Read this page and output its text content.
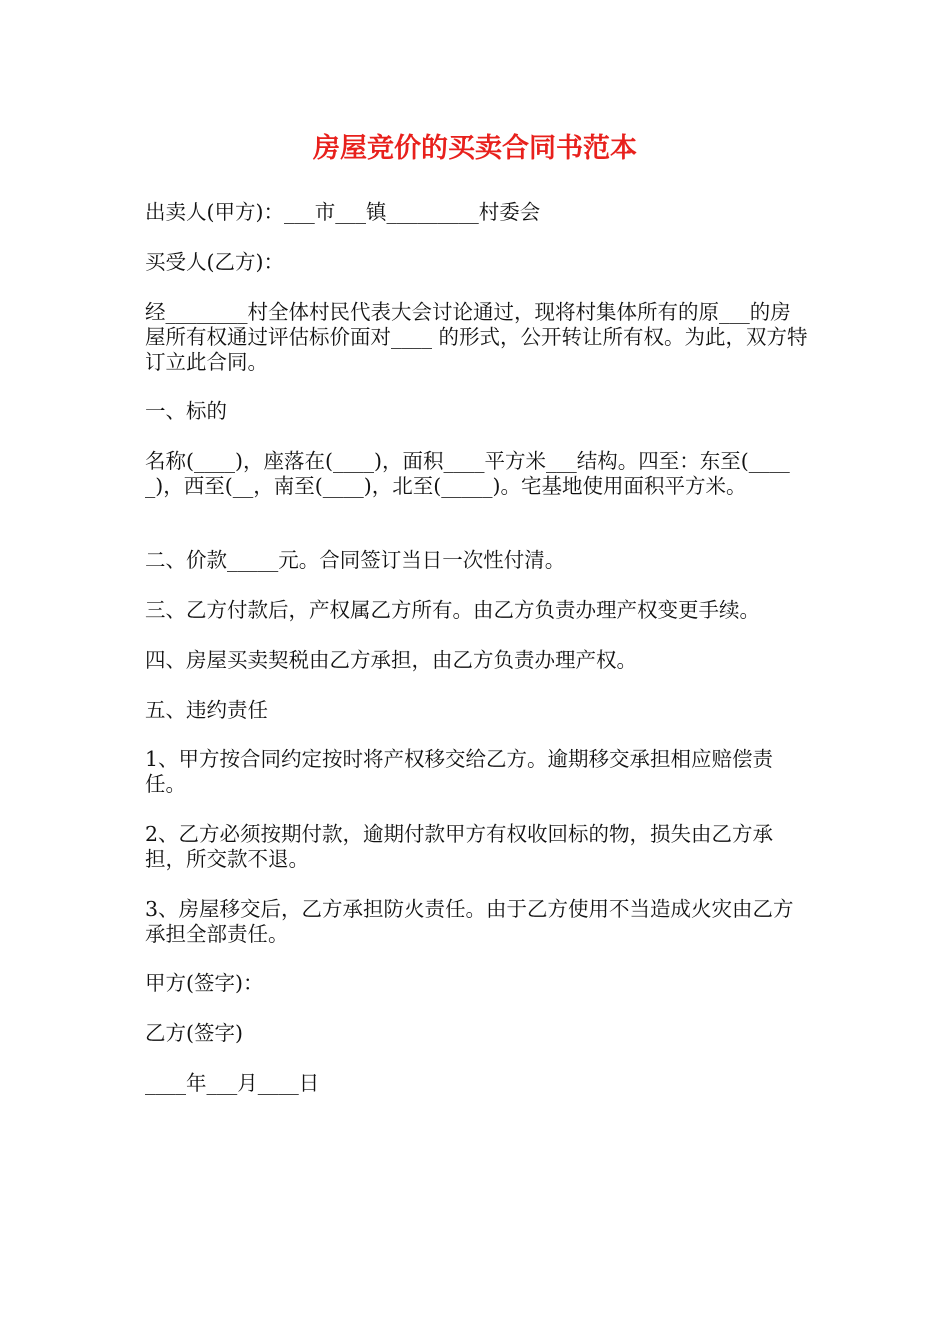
房屋竞价的买卖合同书范本

出卖人(甲方)：___市___镇_________村委会

买受人(乙方)：

经________村全体村民代表大会讨论通过，现将村集体所有的原___的房屋所有权通过评估标价面对____ 的形式，公开转让所有权。为此，双方特订立此合同。

一、标的

名称(____)，座落在(____)，面积____平方米___结构。四至：东至(_____)，西至(__，南至(____)，北至(_____)。宅基地使用面积平方米。

二、价款_____元。合同签订当日一次性付清。

三、乙方付款后，产权属乙方所有。由乙方负责办理产权变更手续。

四、房屋买卖契税由乙方承担，由乙方负责办理产权。

五、违约责任

1、甲方按合同约定按时将产权移交给乙方。逾期移交承担相应赔偿责任。

2、乙方必须按期付款，逾期付款甲方有权收回标的物，损失由乙方承担，所交款不退。

3、房屋移交后，乙方承担防火责任。由于乙方使用不当造成火灾由乙方承担全部责任。

甲方(签字)：

乙方(签字)

____年___月____日
